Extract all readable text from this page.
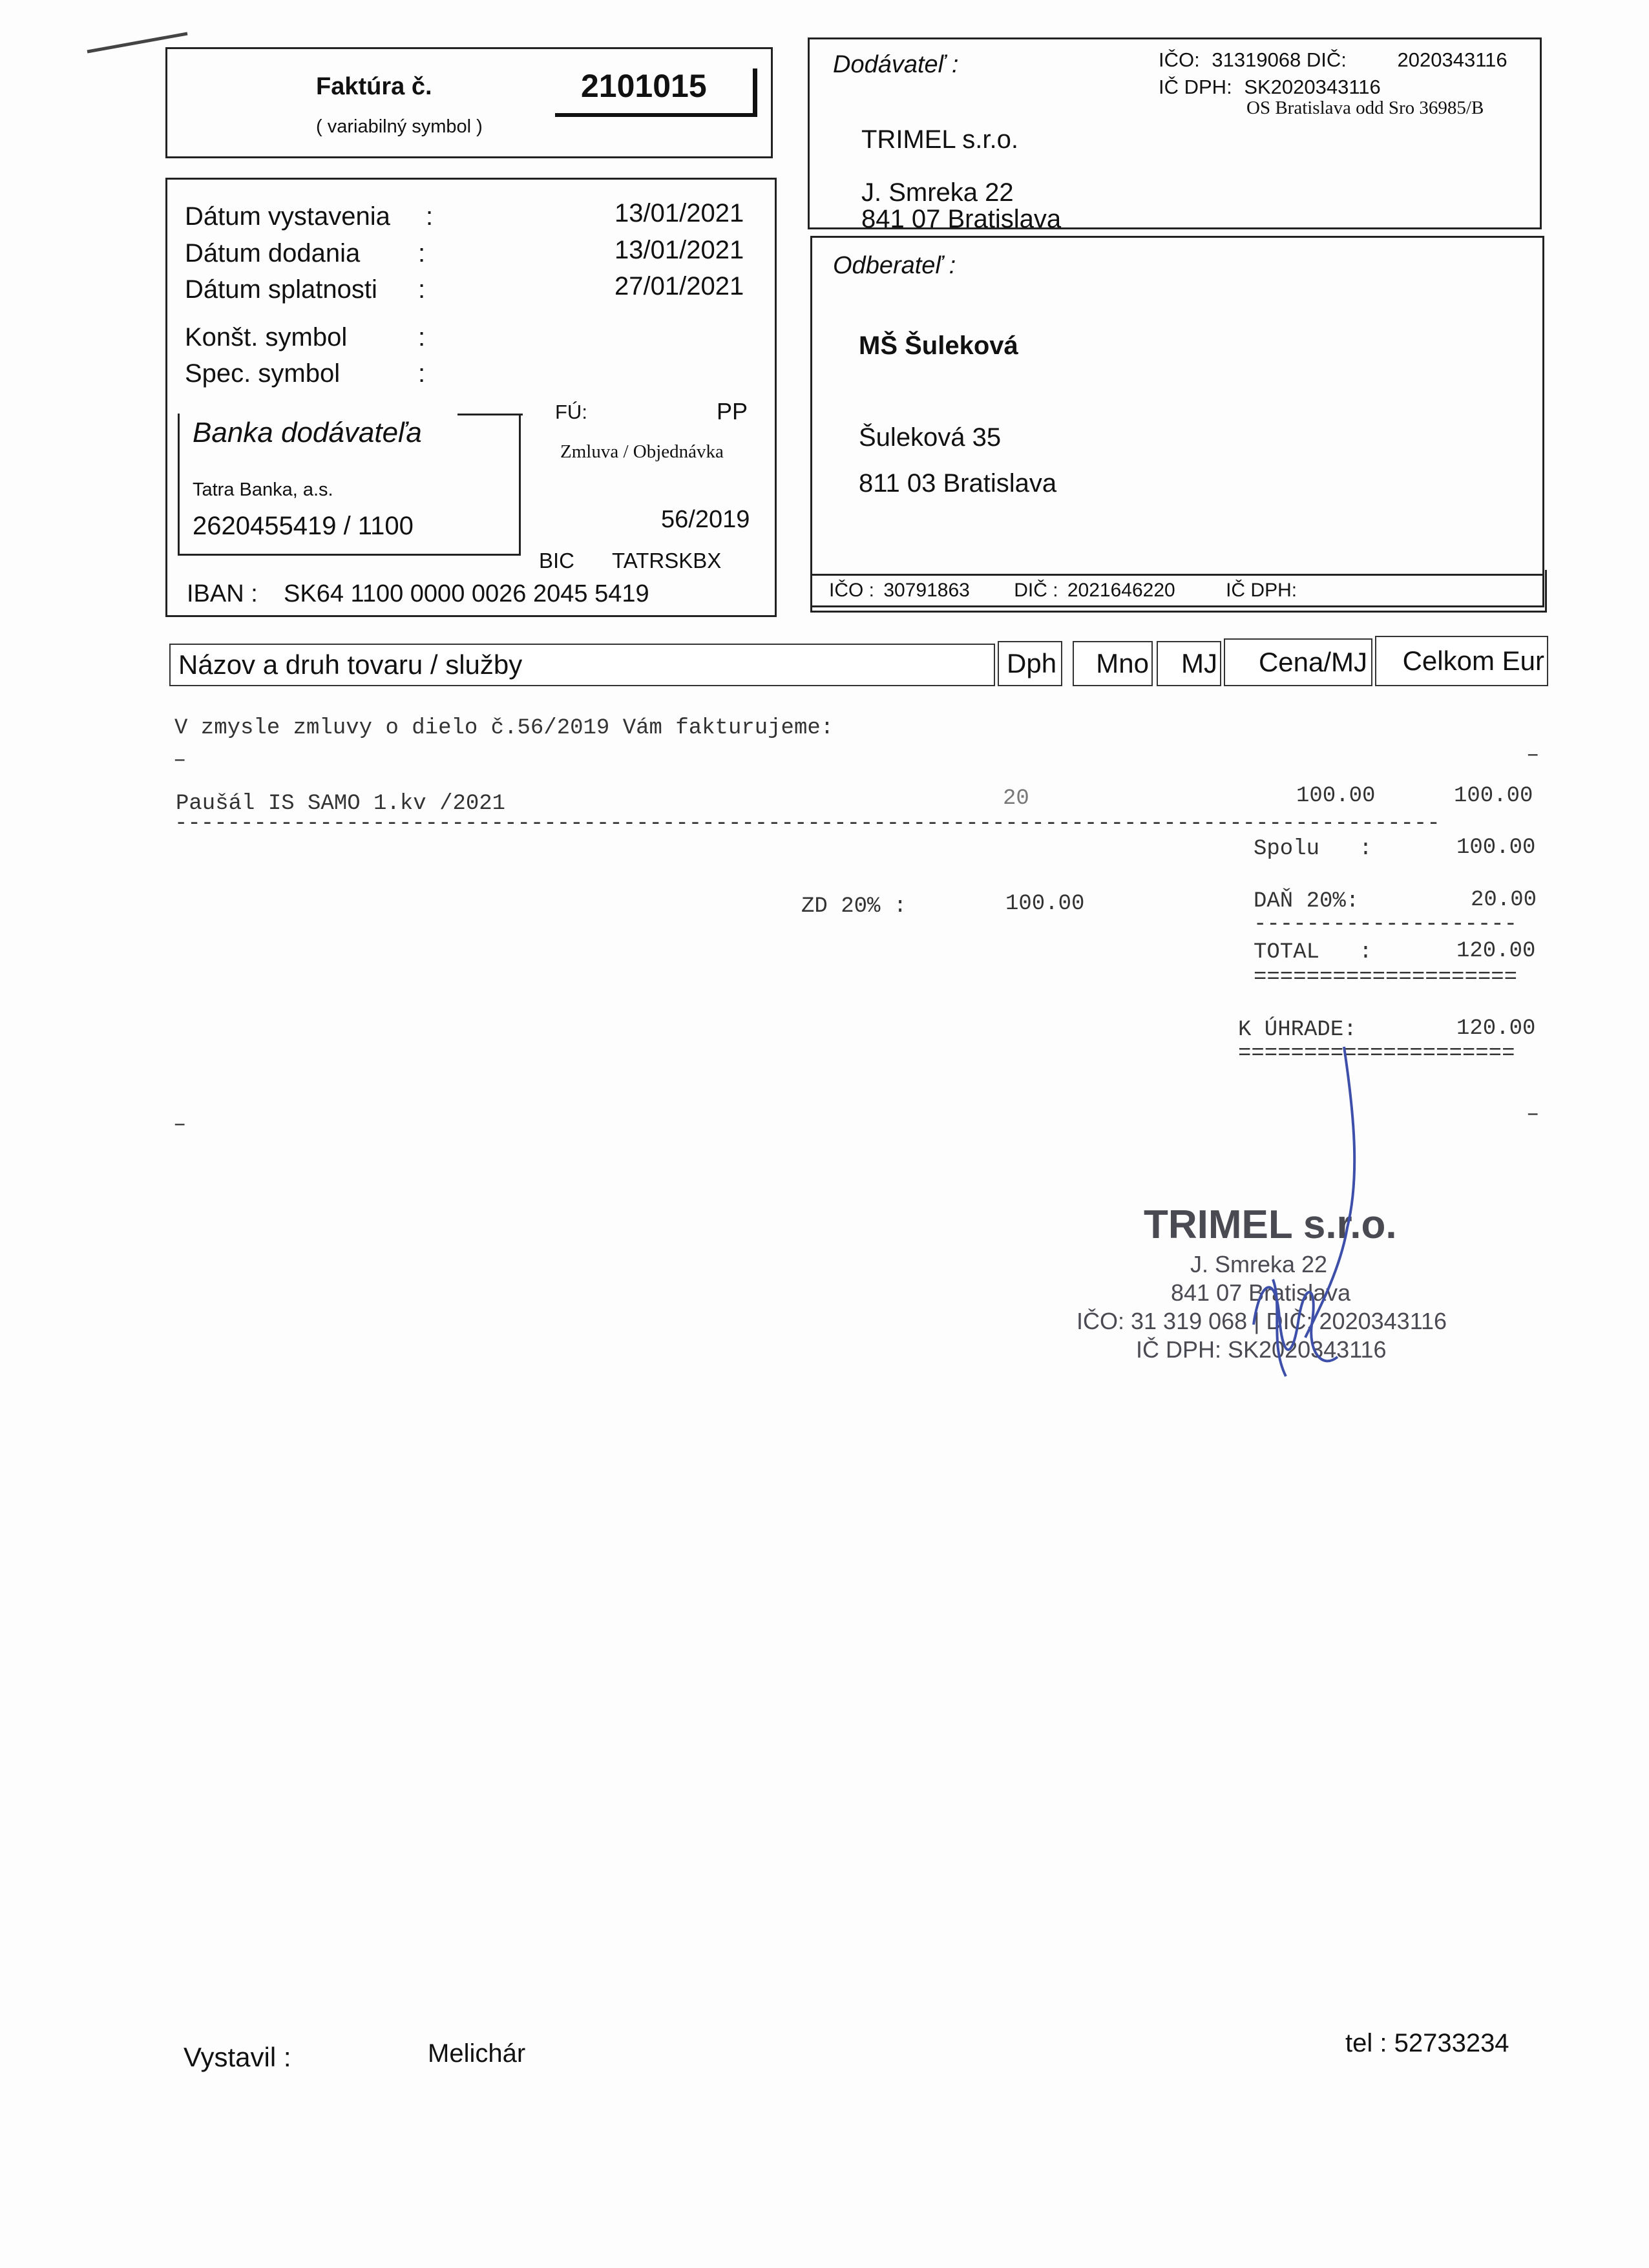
Faktúra č.
( variabilný symbol )
2101015
Dátum vystavenia :	13/01/2021
Dátum dodania :	13/01/2021
Dátum splatnosti :	27/01/2021
Konšt. symbol	:
Spec. symbol	:
Banka dodávateľa
Tatra Banka, a.s.
2620455419 / 1100
FÚ:	PP
Zmluva / Objednávka
56/2019
BIC TATRSKBX
IBAN : SK64 1100 0000 0026 2045 5419
Dodávateľ :	IČO: 31319068 DIČ:	2020343116
IČ DPH: SK2020343116
OS Bratislava odd Sro 36985/B
TRIMEL s.r.o.
J. Smreka 22
841 07 Bratislava
Odberateľ :
MŠ Šuleková
Šuleková 35
811 03 Bratislava
IČO : 30791863 DIČ : 2021646220	IČ DPH:
Názov a druh tovaru / služby	Dph	Mno	MJ	Cena/MJ	Celkom Eur
V zmysle zmluvy o dielo č.56/2019 Vám fakturujeme:
–	–
Paušál IS SAMO 1.kv /2021	20	100.00	100.00
------------------------------------------------------------------------------------------------
Spolu   :	100.00
ZD 20% :	100.00	DAŇ 20%:	20.00
--------------------
TOTAL   :	120.00
====================
K ÚHRADE:	120.00
=====================
–	–
TRIMEL s.r.o.
J. Smreka 22
841 07 Bratislava
IČO: 31 319 068 | DIČ: 2020343116
IČ DPH: SK2020343116
Vystavil :	Melichár	tel : 52733234
